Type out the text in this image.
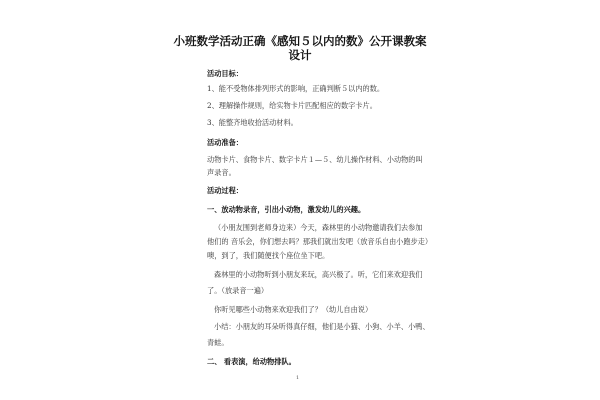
小班数学活动正确《感知５以内的数》公开课教案
设计
活动目标：
1、能不受物体排列形式的影响，正确判断５以内的数。
2、理解操作规则，给实物卡片匹配相应的数字卡片。
3、能整齐地收拾活动材料。
活动准备：
动物卡片、食物卡片、数字卡片１—５、幼儿操作材料、小动物的叫
声录音。
活动过程：
一、放动物录音，引出小动物，激发幼儿的兴趣。
（小朋友围到老师身边来）今天，森林里的小动物邀请我们去参加
他们的 音乐会，你们想去吗？那我们就出发吧（放音乐自由小跑步走）
噢，到了，我们随便找个座位坐下吧。
森林里的小动物听到小朋友来玩，高兴极了。听，它们来欢迎我们
了。（放录音一遍）
你听见哪些小动物来欢迎我们了？（幼儿自由说）
小结：小朋友的耳朵听得真仔细，他们是小猫、小狗、小羊、小鸭、
青蛙。
二、 看表演，给动物排队。
1
